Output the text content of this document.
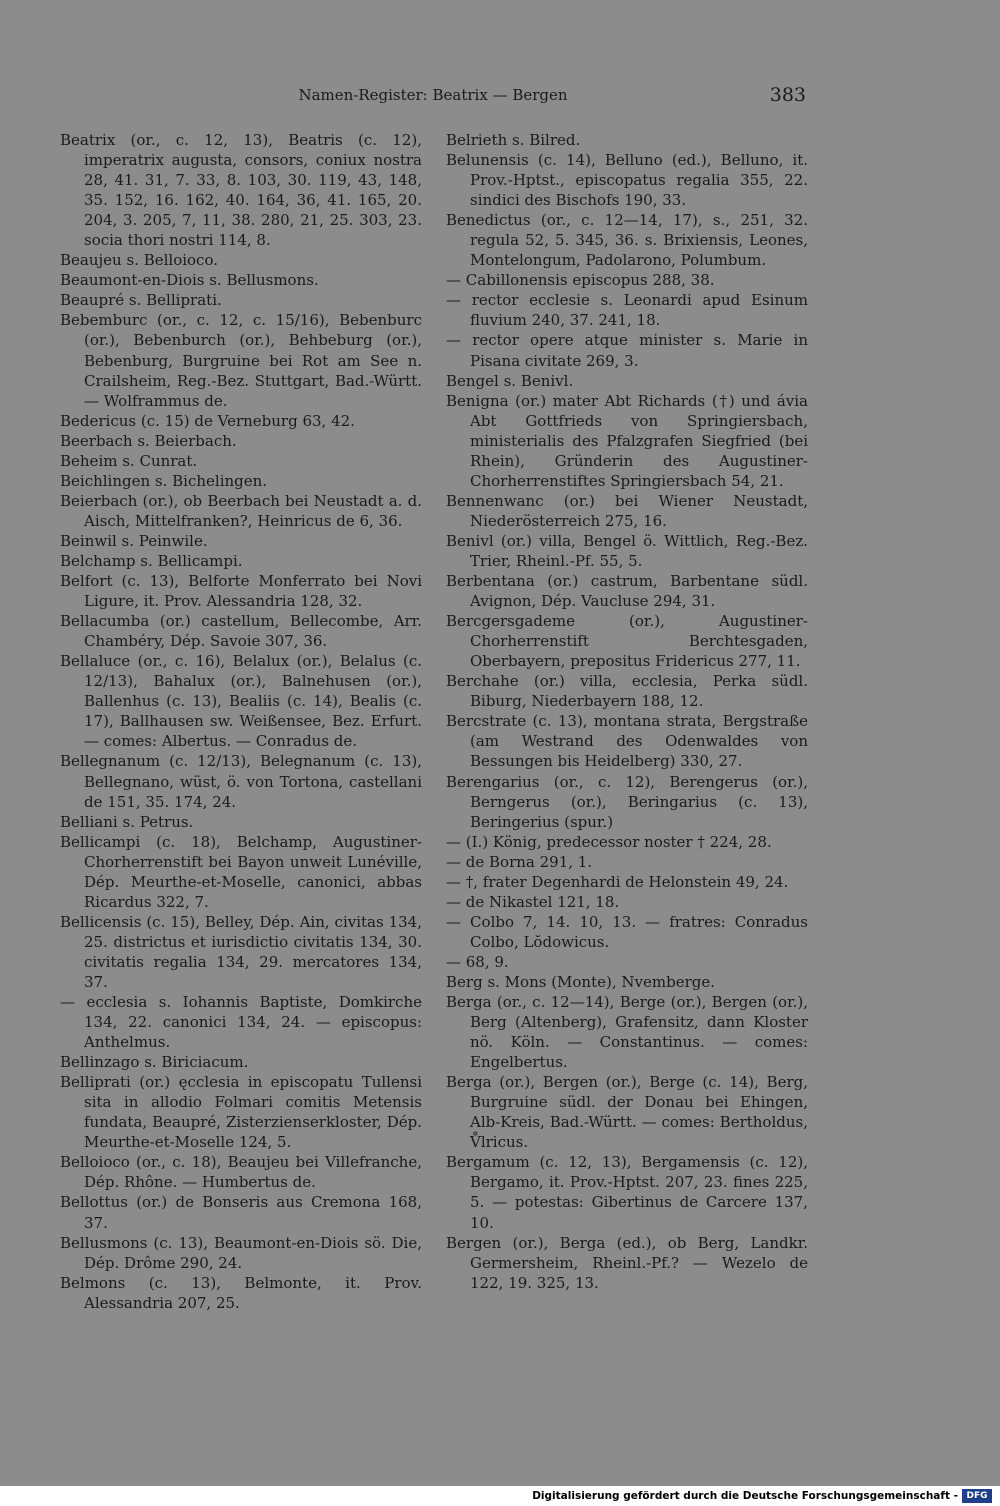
Namen-Register: Beatrix — Bergen	383
Beatrix (or., c. 12, 13), Beatris (c. 12), imperatrix augusta, consors, coniux nostra 28, 41. 31, 7. 33, 8. 103, 30. 119, 43, 148, 35. 152, 16. 162, 40. 164, 36, 41. 165, 20. 204, 3. 205, 7, 11, 38. 280, 21, 25. 303, 23. socia thori nostri 114, 8.
Beaujeu s. Belloioco.
Beaumont-en-Diois s. Bellusmons.
Beaupré s. Belliprati.
Bebemburc (or., c. 12, c. 15/16), Bebenburc (or.), Bebenburch (or.), Behbeburg (or.), Bebenburg, Burgruine bei Rot am See n. Crailsheim, Reg.-Bez. Stuttgart, Bad.-Württ. — Wolframmus de.
Bedericus (c. 15) de Verneburg 63, 42.
Beerbach s. Beierbach.
Beheim s. Cunrat.
Beichlingen s. Bichelingen.
Beierbach (or.), ob Beerbach bei Neustadt a. d. Aisch, Mittelfranken?, Heinricus de 6, 36.
Beinwil s. Peinwile.
Belchamp s. Bellicampi.
Belfort (c. 13), Belforte Monferrato bei Novi Ligure, it. Prov. Alessandria 128, 32.
Bellacumba (or.) castellum, Bellecombe, Arr. Chambéry, Dép. Savoie 307, 36.
Bellaluce (or., c. 16), Belalux (or.), Belalus (c. 12/13), Bahalux (or.), Balnehusen (or.), Ballenhus (c. 13), Bealiis (c. 14), Bealis (c. 17), Ballhausen sw. Weißensee, Bez. Erfurt. — comes: Albertus. — Conradus de.
Bellegnanum (c. 12/13), Belegnanum (c. 13), Bellegnano, wüst, ö. von Tortona, castellani de 151, 35. 174, 24.
Belliani s. Petrus.
Bellicampi (c. 18), Belchamp, Augustiner-Chorherrenstift bei Bayon unweit Lunéville, Dép. Meurthe-et-Moselle, canonici, abbas Ricardus 322, 7.
Bellicensis (c. 15), Belley, Dép. Ain, civitas 134, 25. districtus et iurisdictio civitatis 134, 30. civitatis regalia 134, 29. mercatores 134, 37.
— ecclesia s. Iohannis Baptiste, Domkirche 134, 22. canonici 134, 24. — episcopus: Anthelmus.
Bellinzago s. Biriciacum.
Belliprati (or.) ęcclesia in episcopatu Tullensi sita in allodio Folmari comitis Metensis fundata, Beaupré, Zisterzienserkloster, Dép. Meurthe-et-Moselle 124, 5.
Belloioco (or., c. 18), Beaujeu bei Villefranche, Dép. Rhône. — Humbertus de.
Bellottus (or.) de Bonseris aus Cremona 168, 37.
Bellusmons (c. 13), Beaumont-en-Diois sö. Die, Dép. Drôme 290, 24.
Belmons (c. 13), Belmonte, it. Prov. Alessandria 207, 25.
Belrieth s. Bilred.
Belunensis (c. 14), Belluno (ed.), Belluno, it. Prov.-Hptst., episcopatus regalia 355, 22. sindici des Bischofs 190, 33.
Benedictus (or., c. 12—14, 17), s., 251, 32. regula 52, 5. 345, 36. s. Brixiensis, Leones, Montelongum, Padolarono, Polumbum.
— Cabillonensis episcopus 288, 38.
— rector ecclesie s. Leonardi apud Esinum fluvium 240, 37. 241, 18.
— rector opere atque minister s. Marie in Pisana civitate 269, 3.
Bengel s. Benivl.
Benigna (or.) mater Abt Richards (†) und ávia Abt Gottfrieds von Springiersbach, ministerialis des Pfalzgrafen Siegfried (bei Rhein), Gründerin des Augustiner-Chorherrenstiftes Springiersbach 54, 21.
Bennenwanc (or.) bei Wiener Neustadt, Niederösterreich 275, 16.
Benivl (or.) villa, Bengel ö. Wittlich, Reg.-Bez. Trier, Rheinl.-Pf. 55, 5.
Berbentana (or.) castrum, Barbentane südl. Avignon, Dép. Vaucluse 294, 31.
Bercgersgademe (or.), Augustiner-Chorherrenstift Berchtesgaden, Oberbayern, prepositus Fridericus 277, 11.
Berchahe (or.) villa, ecclesia, Perka südl. Biburg, Niederbayern 188, 12.
Bercstrate (c. 13), montana strata, Bergstraße (am Westrand des Odenwaldes von Bessungen bis Heidelberg) 330, 27.
Berengarius (or., c. 12), Berengerus (or.), Berngerus (or.), Beringarius (c. 13), Beringerius (spur.)
— (I.) König, predecessor noster † 224, 28.
— de Borna 291, 1.
— †, frater Degenhardi de Helonstein 49, 24.
— de Nikastel 121, 18.
— Colbo 7, 14. 10, 13. — fratres: Conradus Colbo, Lŏdowicus.
— 68, 9.
Berg s. Mons (Monte), Nvemberge.
Berga (or., c. 12—14), Berge (or.), Bergen (or.), Berg (Altenberg), Grafensitz, dann Kloster nö. Köln. — Constantinus. — comes: Engelbertus.
Berga (or.), Bergen (or.), Berge (c. 14), Berg, Burgruine südl. der Donau bei Ehingen, Alb-Kreis, Bad.-Württ. — comes: Bertholdus, V̊lricus.
Bergamum (c. 12, 13), Bergamensis (c. 12), Bergamo, it. Prov.-Hptst. 207, 23. fines 225, 5. — potestas: Gibertinus de Carcere 137, 10.
Bergen (or.), Berga (ed.), ob Berg, Landkr. Germersheim, Rheinl.-Pf.? — Wezelo de 122, 19. 325, 13.
Digitalisierung gefördert durch die Deutsche Forschungsgemeinschaft - DFG
